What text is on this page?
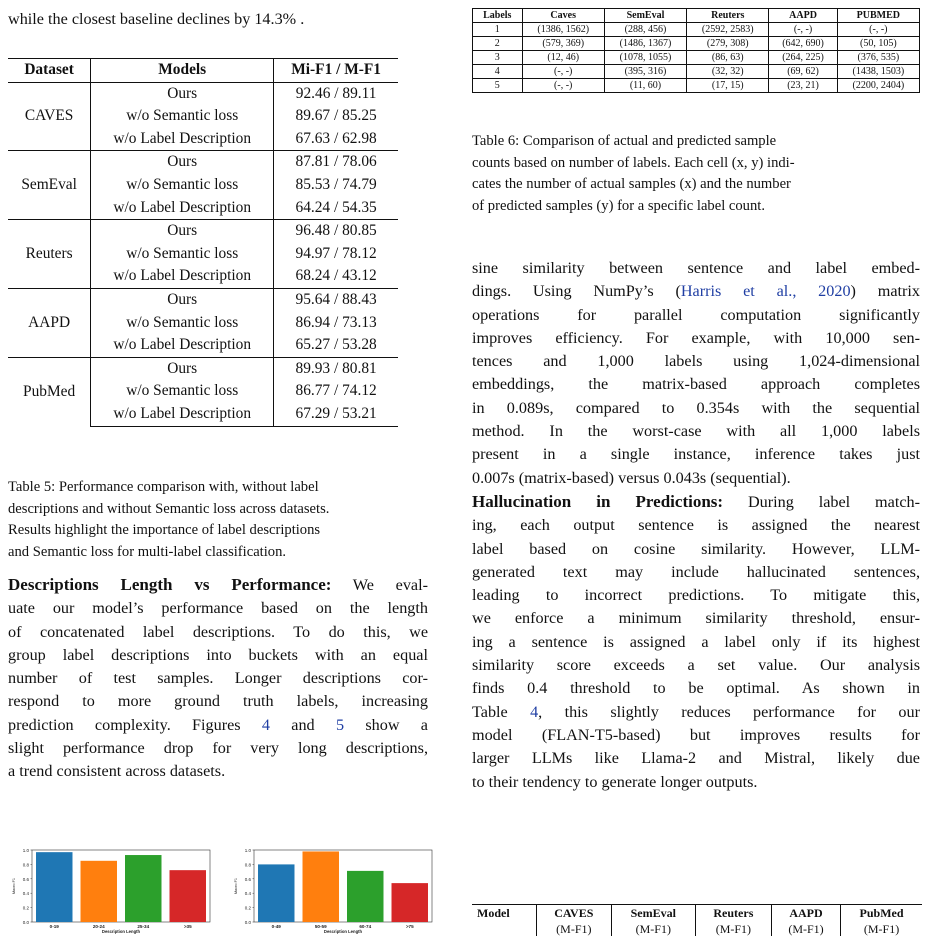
while the closest baseline declines by 14.3% .
Dataset	Models	Mi-F1 / M-F1
CAVES	Ours	92.46 / 89.11
	w/o Semantic loss	89.67 / 85.25
	w/o Label Description	67.63 / 62.98
SemEval	Ours	87.81 / 78.06
	w/o Semantic loss	85.53 / 74.79
	w/o Label Description	64.24 / 54.35
Reuters	Ours	96.48 / 80.85
	w/o Semantic loss	94.97 / 78.12
	w/o Label Description	68.24 / 43.12
AAPD	Ours	95.64 / 88.43
	w/o Semantic loss	86.94 / 73.13
	w/o Label Description	65.27 / 53.28
PubMed	Ours	89.93 / 80.81
	w/o Semantic loss	86.77 / 74.12
	w/o Label Description	67.29 / 53.21
Table 5: Performance comparison with, without label
descriptions and without Semantic loss across datasets.
Results highlight the importance of label descriptions
and Semantic loss for multi-label classification.
Descriptions Length vs Performance: We eval-
uate our model’s performance based on the length
of concatenated label descriptions. To do this, we
group label descriptions into buckets with an equal
number of test samples. Longer descriptions cor-
respond to more ground truth labels, increasing
prediction complexity. Figures 4 and 5 show a
slight performance drop for very long descriptions,
a trend consistent across datasets.
0.0
0.2
0.4
0.6
0.8
1.0
Macro F1
0-19	20-24	25-34	>35
Description Length
0.0
0.2
0.4
0.6
0.8
1.0
Macro F1
0-49	50-59	60-74	>75
Description Length
Labels	Caves	SemEval	Reuters	AAPD	PUBMED
1	(1386, 1562)	(288, 456)	(2592, 2583)	(-, -)	(-, -)
2	(579, 369)	(1486, 1367)	(279, 308)	(642, 690)	(50, 105)
3	(12, 46)	(1078, 1055)	(86, 63)	(264, 225)	(376, 535)
4	(-, -)	(395, 316)	(32, 32)	(69, 62)	(1438, 1503)
5	(-, -)	(11, 60)	(17, 15)	(23, 21)	(2200, 2404)
Table 6: Comparison of actual and predicted sample
counts based on number of labels. Each cell (x, y) indi-
cates the number of actual samples (x) and the number
of predicted samples (y) for a specific label count.
sine similarity between sentence and label embed-
dings. Using NumPy’s (Harris et al., 2020) matrix
operations for parallel computation significantly
improves efficiency. For example, with 10,000 sen-
tences and 1,000 labels using 1,024-dimensional
embeddings, the matrix-based approach completes
in 0.089s, compared to 0.354s with the sequential
method. In the worst-case with all 1,000 labels
present in a single instance, inference takes just
0.007s (matrix-based) versus 0.043s (sequential).
Hallucination in Predictions: During label match-
ing, each output sentence is assigned the nearest
label based on cosine similarity. However, LLM-
generated text may include hallucinated sentences,
leading to incorrect predictions. To mitigate this,
we enforce a minimum similarity threshold, ensur-
ing a sentence is assigned a label only if its highest
similarity score exceeds a set value. Our analysis
finds 0.4 threshold to be optimal. As shown in
Table 4, this slightly reduces performance for our
model (FLAN-T5-based) but improves results for
larger LLMs like Llama-2 and Mistral, likely due
to their tendency to generate longer outputs.
Model	CAVES	SemEval	Reuters	AAPD	PubMed
	(M-F1)	(M-F1)	(M-F1)	(M-F1)	(M-F1)
